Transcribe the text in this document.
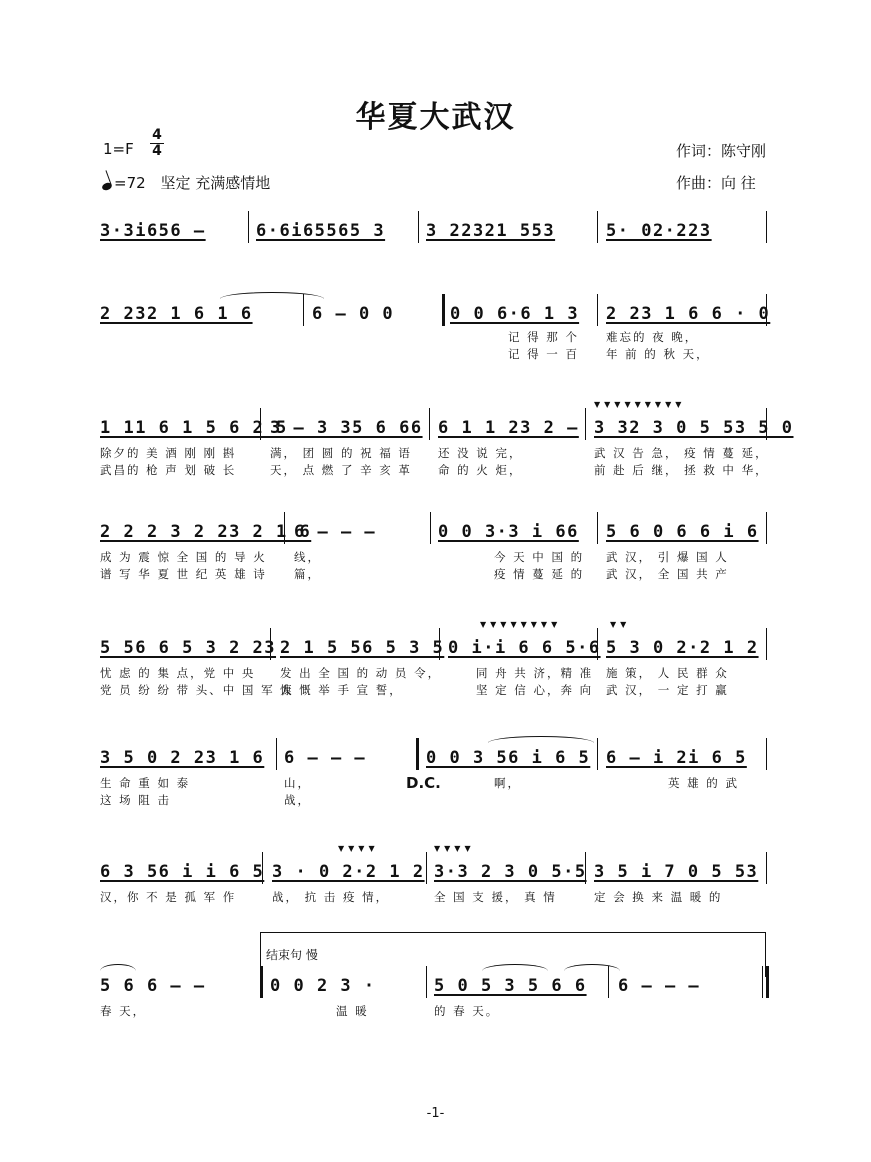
华夏大武汉
1=F
4
4
=72 坚定 充满感情地
作词：陈守刚
作曲：向 往
3·3i656 –	6·6i65565 3 3 22321 553	5· 02·223
2 232 1 6 1 6	6 – 0 0	0 0 6·6 1 3 2 23 1 6 6 · 0
记 得 那 个 难忘的 夜 晚，
记 得 一 百 年 前 的 秋 天，
▼▼▼▼▼▼▼▼▼
1 11 6 1 5 6 2 5
3 – 3 35 6 66 6 1 1 23 2 – 3 32 3 0 5 53 5 0
除夕的 美 酒 刚 刚 斟	满， 团 圆 的 祝 福 语 还 没 说 完，	武 汉 告 急， 疫 情 蔓 延，
武昌的 枪 声 划 破 长	天， 点 燃 了 辛 亥 革 命 的 火 炬，	前 赴 后 继， 拯 救 中 华，
2 2 2 3 2 23 2 1 6
6 – – –	0 0 3·3 i 66 5 6 0 6 6 i 6
成 为 震 惊 全 国 的 导 火 线，	今 天 中 国 的 武 汉， 引 爆 国 人
谱 写 华 夏 世 纪 英 雄 诗 篇，	疫 情 蔓 延 的 武 汉， 全 国 共 产
▼▼▼▼▼▼▼▼	▼▼
5 56 6 5 3 2 23 2 1 5 56 5 3 5 0 i·i 6 6 5·6 5 3 0 2·2 1 2
忧 虑 的 集 点，党 中 央 发 出 全 国 的 动 员 令，	同 舟 共 济，精 准 施 策， 人 民 群 众
党 员 纷 纷 带 头、中 国 军 人
慷 慨 举 手 宣 誓，	坚 定 信 心，奔 向 武 汉， 一 定 打 赢
3 5 0 2 23 1 6 6 – – –	0 0 3 56 i 6 5 6 – i 2i 6 5
D.C.
生 命 重 如 泰	山，	啊，	英 雄 的 武
这 场 阻 击	战，
▼▼▼▼	▼▼▼▼
6 3 56 i i 6 5 3 · 0 2·2 1 2 3·3 2 3 0 5·5 3 5 i 7 0 5 53
汉，你 不 是 孤 军 作	战， 抗 击 疫 情，	全 国 支 援， 真 情	定 会 换 来 温 暖 的
结束句 慢
5 6 6 – –	0 0 2 3 ·	5 0 5 3 5 6 6 6 – – –
春 天，	温 暖	的 春 天。
-1-
